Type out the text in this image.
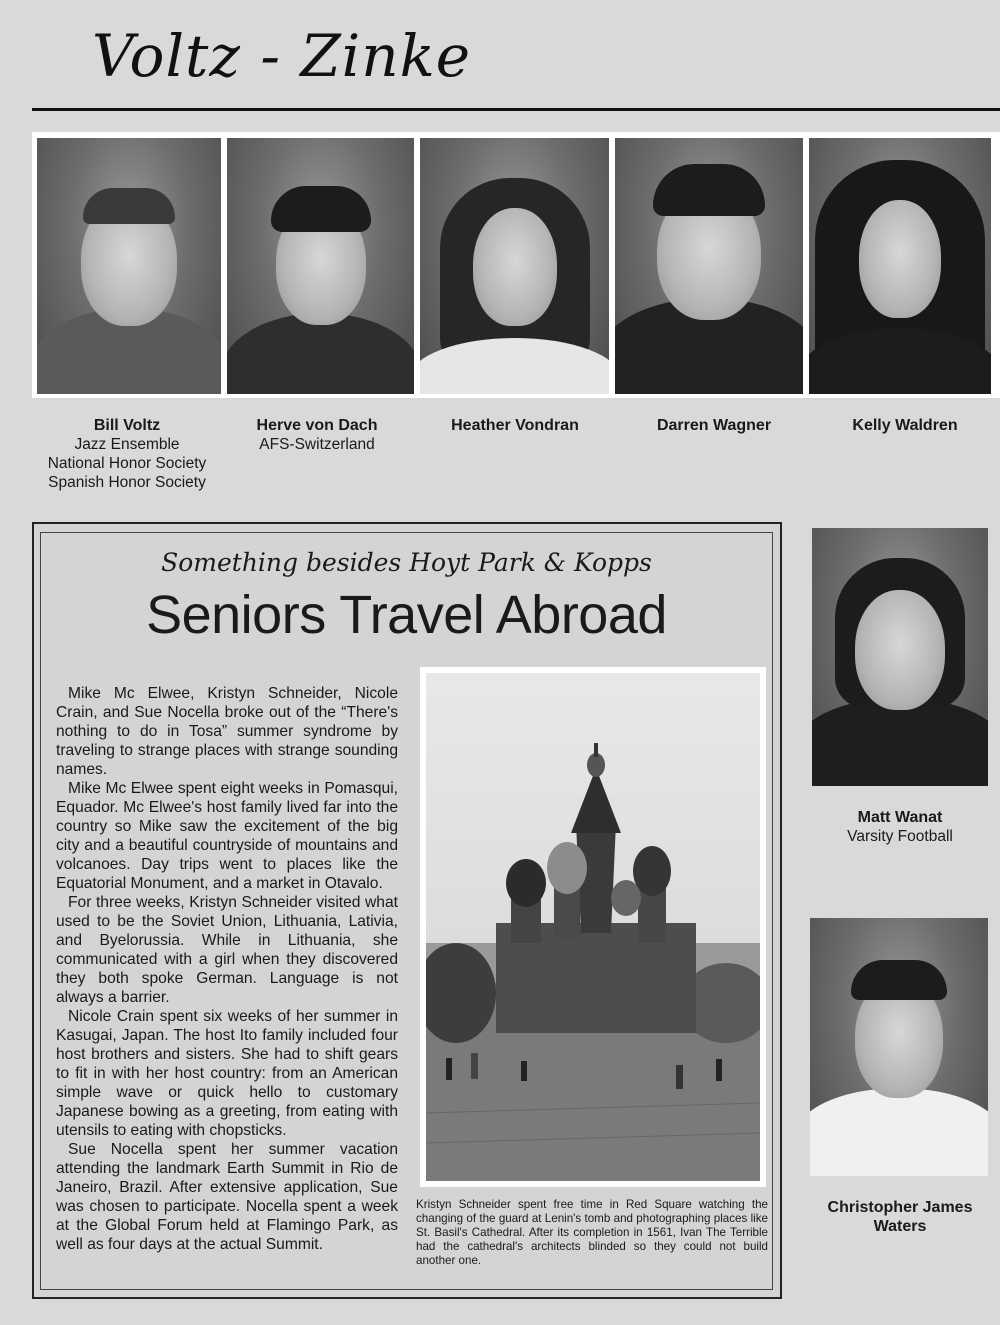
Voltz - Zinke
Bill Voltz
Jazz Ensemble
National Honor Society
Spanish Honor Society
Herve von Dach
AFS-Switzerland
Heather Vondran	Darren Wagner	Kelly Waldren
Something besides Hoyt Park & Kopps
Seniors Travel Abroad

Mike Mc Elwee, Kristyn Schneider, Nicole Crain, and Sue Nocella broke out of the “There's nothing to do in Tosa” summer syndrome by traveling to strange places with strange sounding names.

Mike Mc Elwee spent eight weeks in Pomasqui, Equador. Mc Elwee's host family lived far into the country so Mike saw the excitement of the big city and a beautiful countryside of mountains and volcanoes. Day trips went to places like the Equatorial Monument, and a market in Otavalo.

For three weeks, Kristyn Schneider visited what used to be the Soviet Union, Lithuania, Lativia, and Byelorussia. While in Lithuania, she communicated with a girl when they discovered they both spoke German. Language is not always a barrier.

Nicole Crain spent six weeks of her summer in Kasugai, Japan. The host Ito family included four host brothers and sisters. She had to shift gears to fit in with her host country: from an American simple wave or quick hello to customary Japanese bowing as a greeting, from eating with utensils to eating with chopsticks.

Sue Nocella spent her summer vacation attending the landmark Earth Summit in Rio de Janeiro, Brazil. After extensive application, Sue was chosen to participate. Nocella spent a week at the Global Forum held at Flamingo Park, as well as four days at the actual Summit.

Kristyn Schneider spent free time in Red Square watching the changing of the guard at Lenin's tomb and photographing places like St. Basil's Cathedral. After its completion in 1561, Ivan The Terrible had the cathedral's architects blinded so they could not build another one.
Matt Wanat
Varsity Football
Christopher James
Waters
